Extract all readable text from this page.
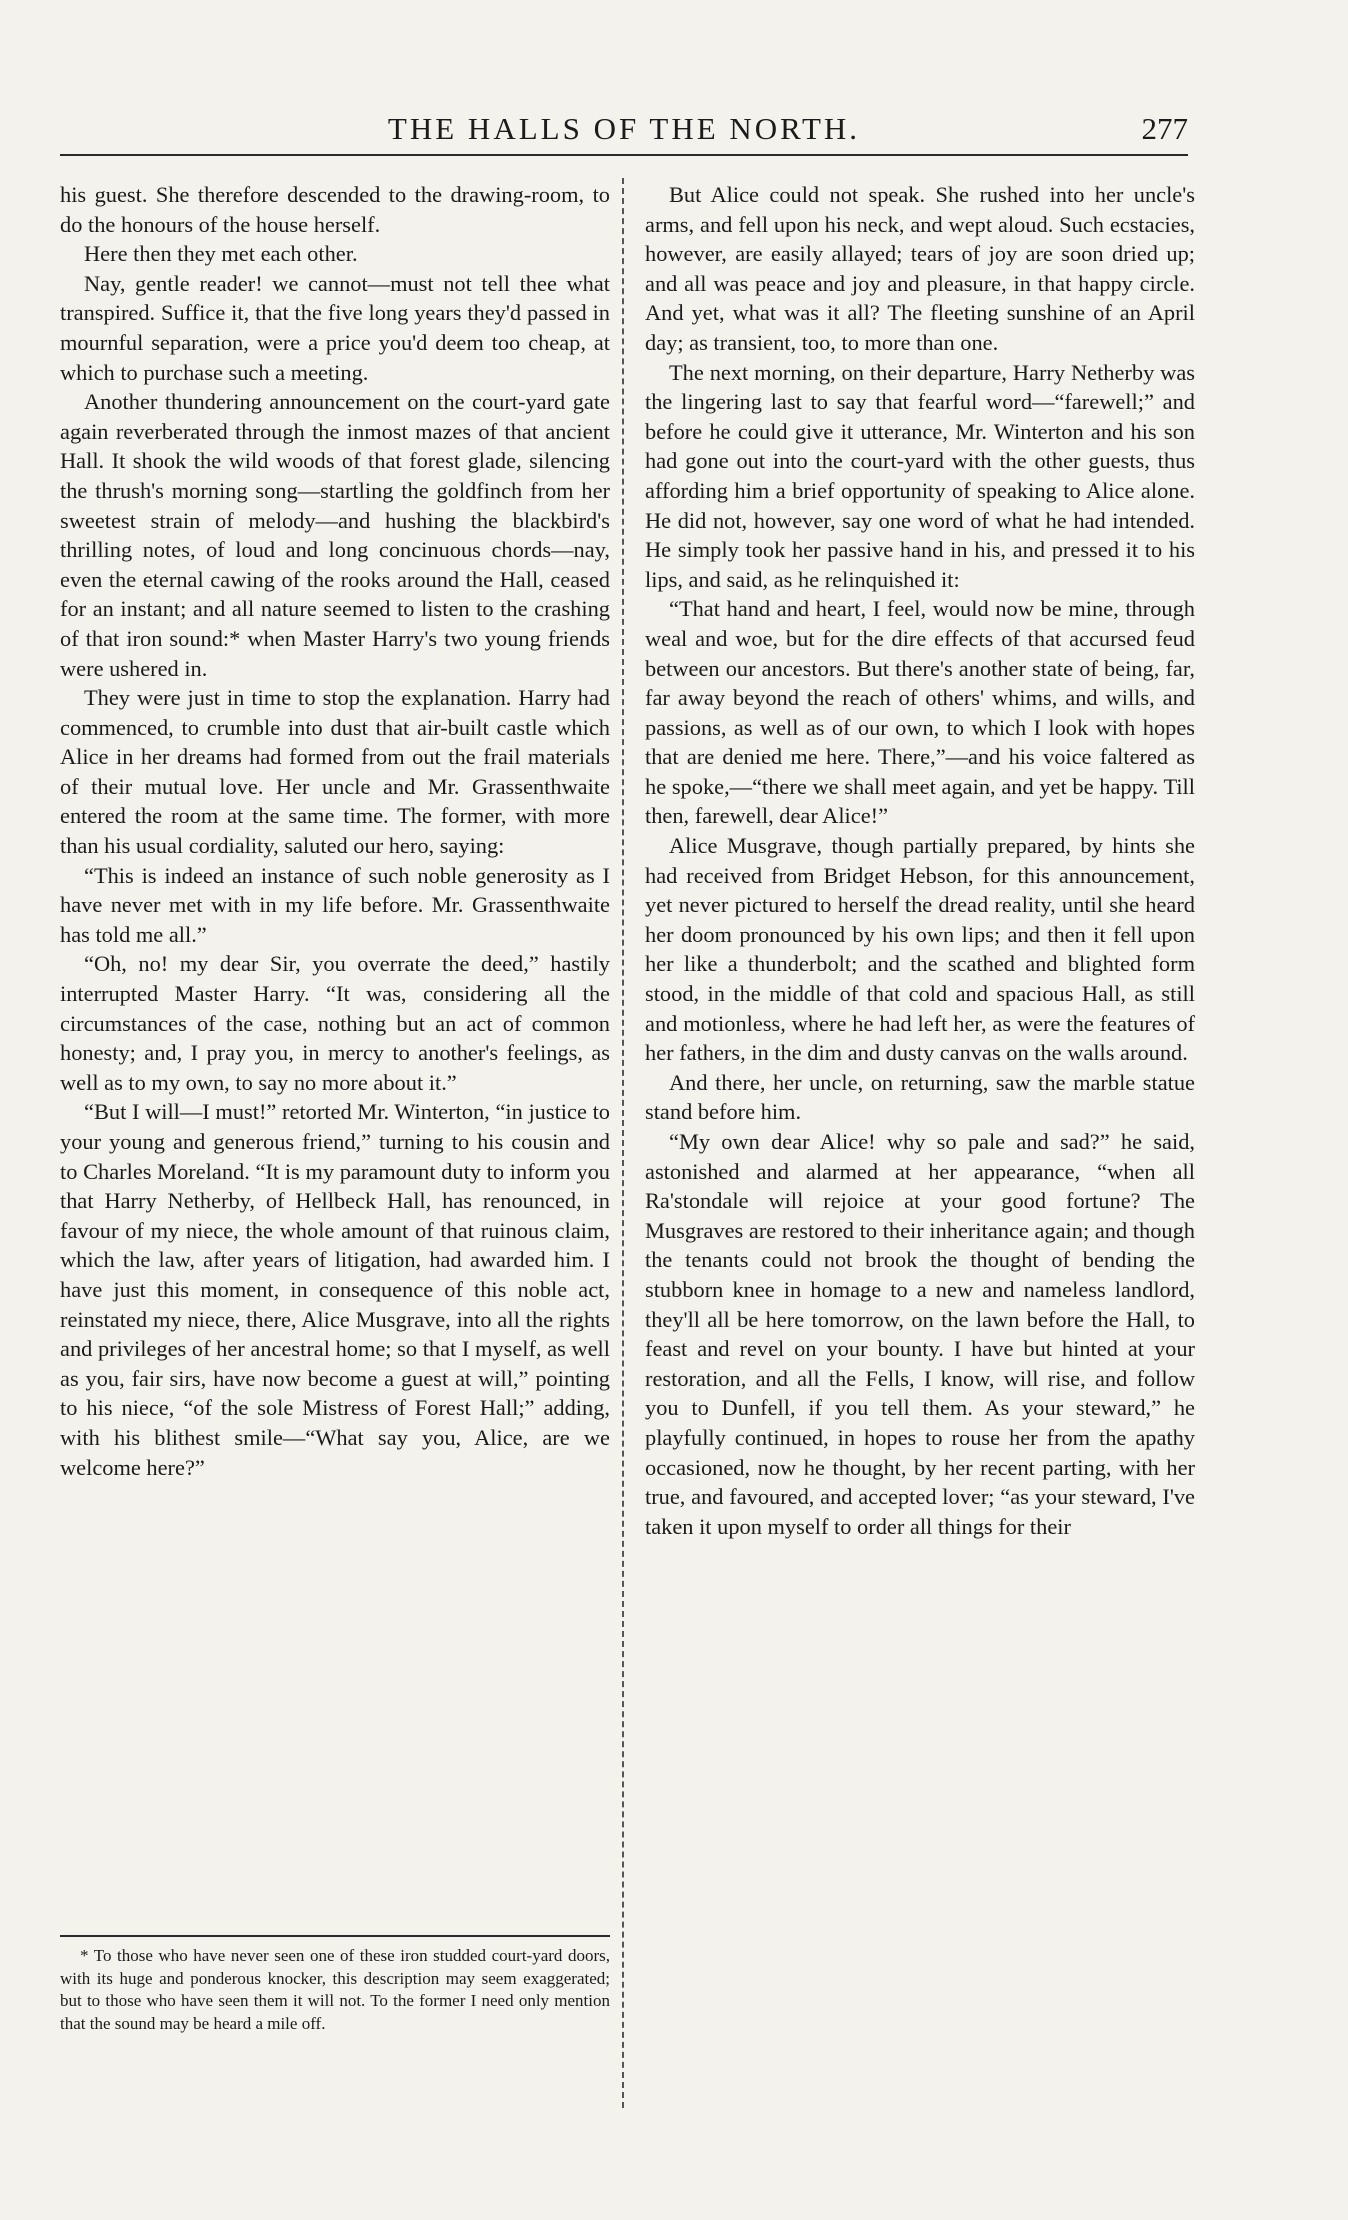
THE HALLS OF THE NORTH.	277

his guest. She therefore descended to the drawing-room, to do the honours of the house herself.

Here then they met each other.

Nay, gentle reader! we cannot—must not tell thee what transpired. Suffice it, that the five long years they'd passed in mournful separation, were a price you'd deem too cheap, at which to purchase such a meeting.

Another thundering announcement on the court-yard gate again reverberated through the inmost mazes of that ancient Hall. It shook the wild woods of that forest glade, silencing the thrush's morning song—startling the goldfinch from her sweetest strain of melody—and hushing the blackbird's thrilling notes, of loud and long concinuous chords—nay, even the eternal cawing of the rooks around the Hall, ceased for an instant; and all nature seemed to listen to the crashing of that iron sound:* when Master Harry's two young friends were ushered in.

They were just in time to stop the explanation. Harry had commenced, to crumble into dust that air-built castle which Alice in her dreams had formed from out the frail materials of their mutual love. Her uncle and Mr. Grassenthwaite entered the room at the same time. The former, with more than his usual cordiality, saluted our hero, saying:

“This is indeed an instance of such noble generosity as I have never met with in my life before. Mr. Grassenthwaite has told me all.”

“Oh, no! my dear Sir, you overrate the deed,” hastily interrupted Master Harry. “It was, considering all the circumstances of the case, nothing but an act of common honesty; and, I pray you, in mercy to another's feelings, as well as to my own, to say no more about it.”

“But I will—I must!” retorted Mr. Winterton, “in justice to your young and generous friend,” turning to his cousin and to Charles Moreland. “It is my paramount duty to inform you that Harry Netherby, of Hellbeck Hall, has renounced, in favour of my niece, the whole amount of that ruinous claim, which the law, after years of litigation, had awarded him. I have just this moment, in consequence of this noble act, reinstated my niece, there, Alice Musgrave, into all the rights and privileges of her ancestral home; so that I myself, as well as you, fair sirs, have now become a guest at will,” pointing to his niece, “of the sole Mistress of Forest Hall;” adding, with his blithest smile—“What say you, Alice, are we welcome here?”

* To those who have never seen one of these iron studded court-yard doors, with its huge and ponderous knocker, this description may seem exaggerated; but to those who have seen them it will not. To the former I need only mention that the sound may be heard a mile off.

But Alice could not speak. She rushed into her uncle's arms, and fell upon his neck, and wept aloud. Such ecstacies, however, are easily allayed; tears of joy are soon dried up; and all was peace and joy and pleasure, in that happy circle. And yet, what was it all? The fleeting sunshine of an April day; as transient, too, to more than one.

The next morning, on their departure, Harry Netherby was the lingering last to say that fearful word—“farewell;” and before he could give it utterance, Mr. Winterton and his son had gone out into the court-yard with the other guests, thus affording him a brief opportunity of speaking to Alice alone. He did not, however, say one word of what he had intended. He simply took her passive hand in his, and pressed it to his lips, and said, as he relinquished it:

“That hand and heart, I feel, would now be mine, through weal and woe, but for the dire effects of that accursed feud between our ancestors. But there's another state of being, far, far away beyond the reach of others' whims, and wills, and passions, as well as of our own, to which I look with hopes that are denied me here. There,”—and his voice faltered as he spoke,—“there we shall meet again, and yet be happy. Till then, farewell, dear Alice!”

Alice Musgrave, though partially prepared, by hints she had received from Bridget Hebson, for this announcement, yet never pictured to herself the dread reality, until she heard her doom pronounced by his own lips; and then it fell upon her like a thunderbolt; and the scathed and blighted form stood, in the middle of that cold and spacious Hall, as still and motionless, where he had left her, as were the features of her fathers, in the dim and dusty canvas on the walls around.

And there, her uncle, on returning, saw the marble statue stand before him.

“My own dear Alice! why so pale and sad?” he said, astonished and alarmed at her appearance, “when all Ra'stondale will rejoice at your good fortune? The Musgraves are restored to their inheritance again; and though the tenants could not brook the thought of bending the stubborn knee in homage to a new and nameless landlord, they'll all be here tomorrow, on the lawn before the Hall, to feast and revel on your bounty. I have but hinted at your restoration, and all the Fells, I know, will rise, and follow you to Dunfell, if you tell them. As your steward,” he playfully continued, in hopes to rouse her from the apathy occasioned, now he thought, by her recent parting, with her true, and favoured, and accepted lover; “as your steward, I've taken it upon myself to order all things for their
